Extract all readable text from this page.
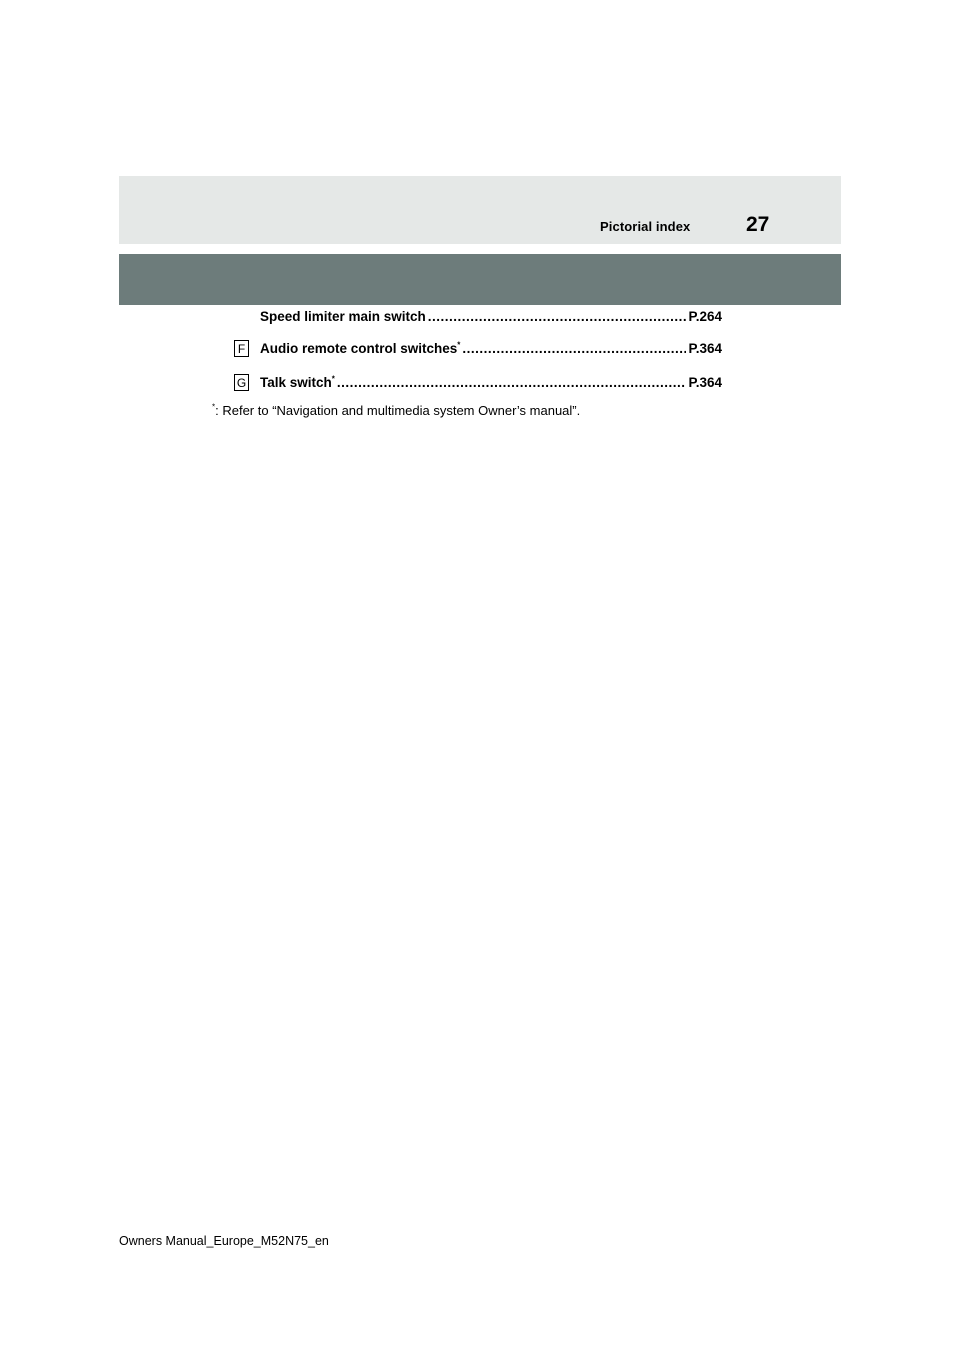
Pictorial index	27
Speed limiter main switch .....	P.264
F Audio remote control switches* .....	P.364
G Talk switch* .....	P.364
*: Refer to “Navigation and multimedia system Owner’s manual”.
Owners Manual_Europe_M52N75_en
